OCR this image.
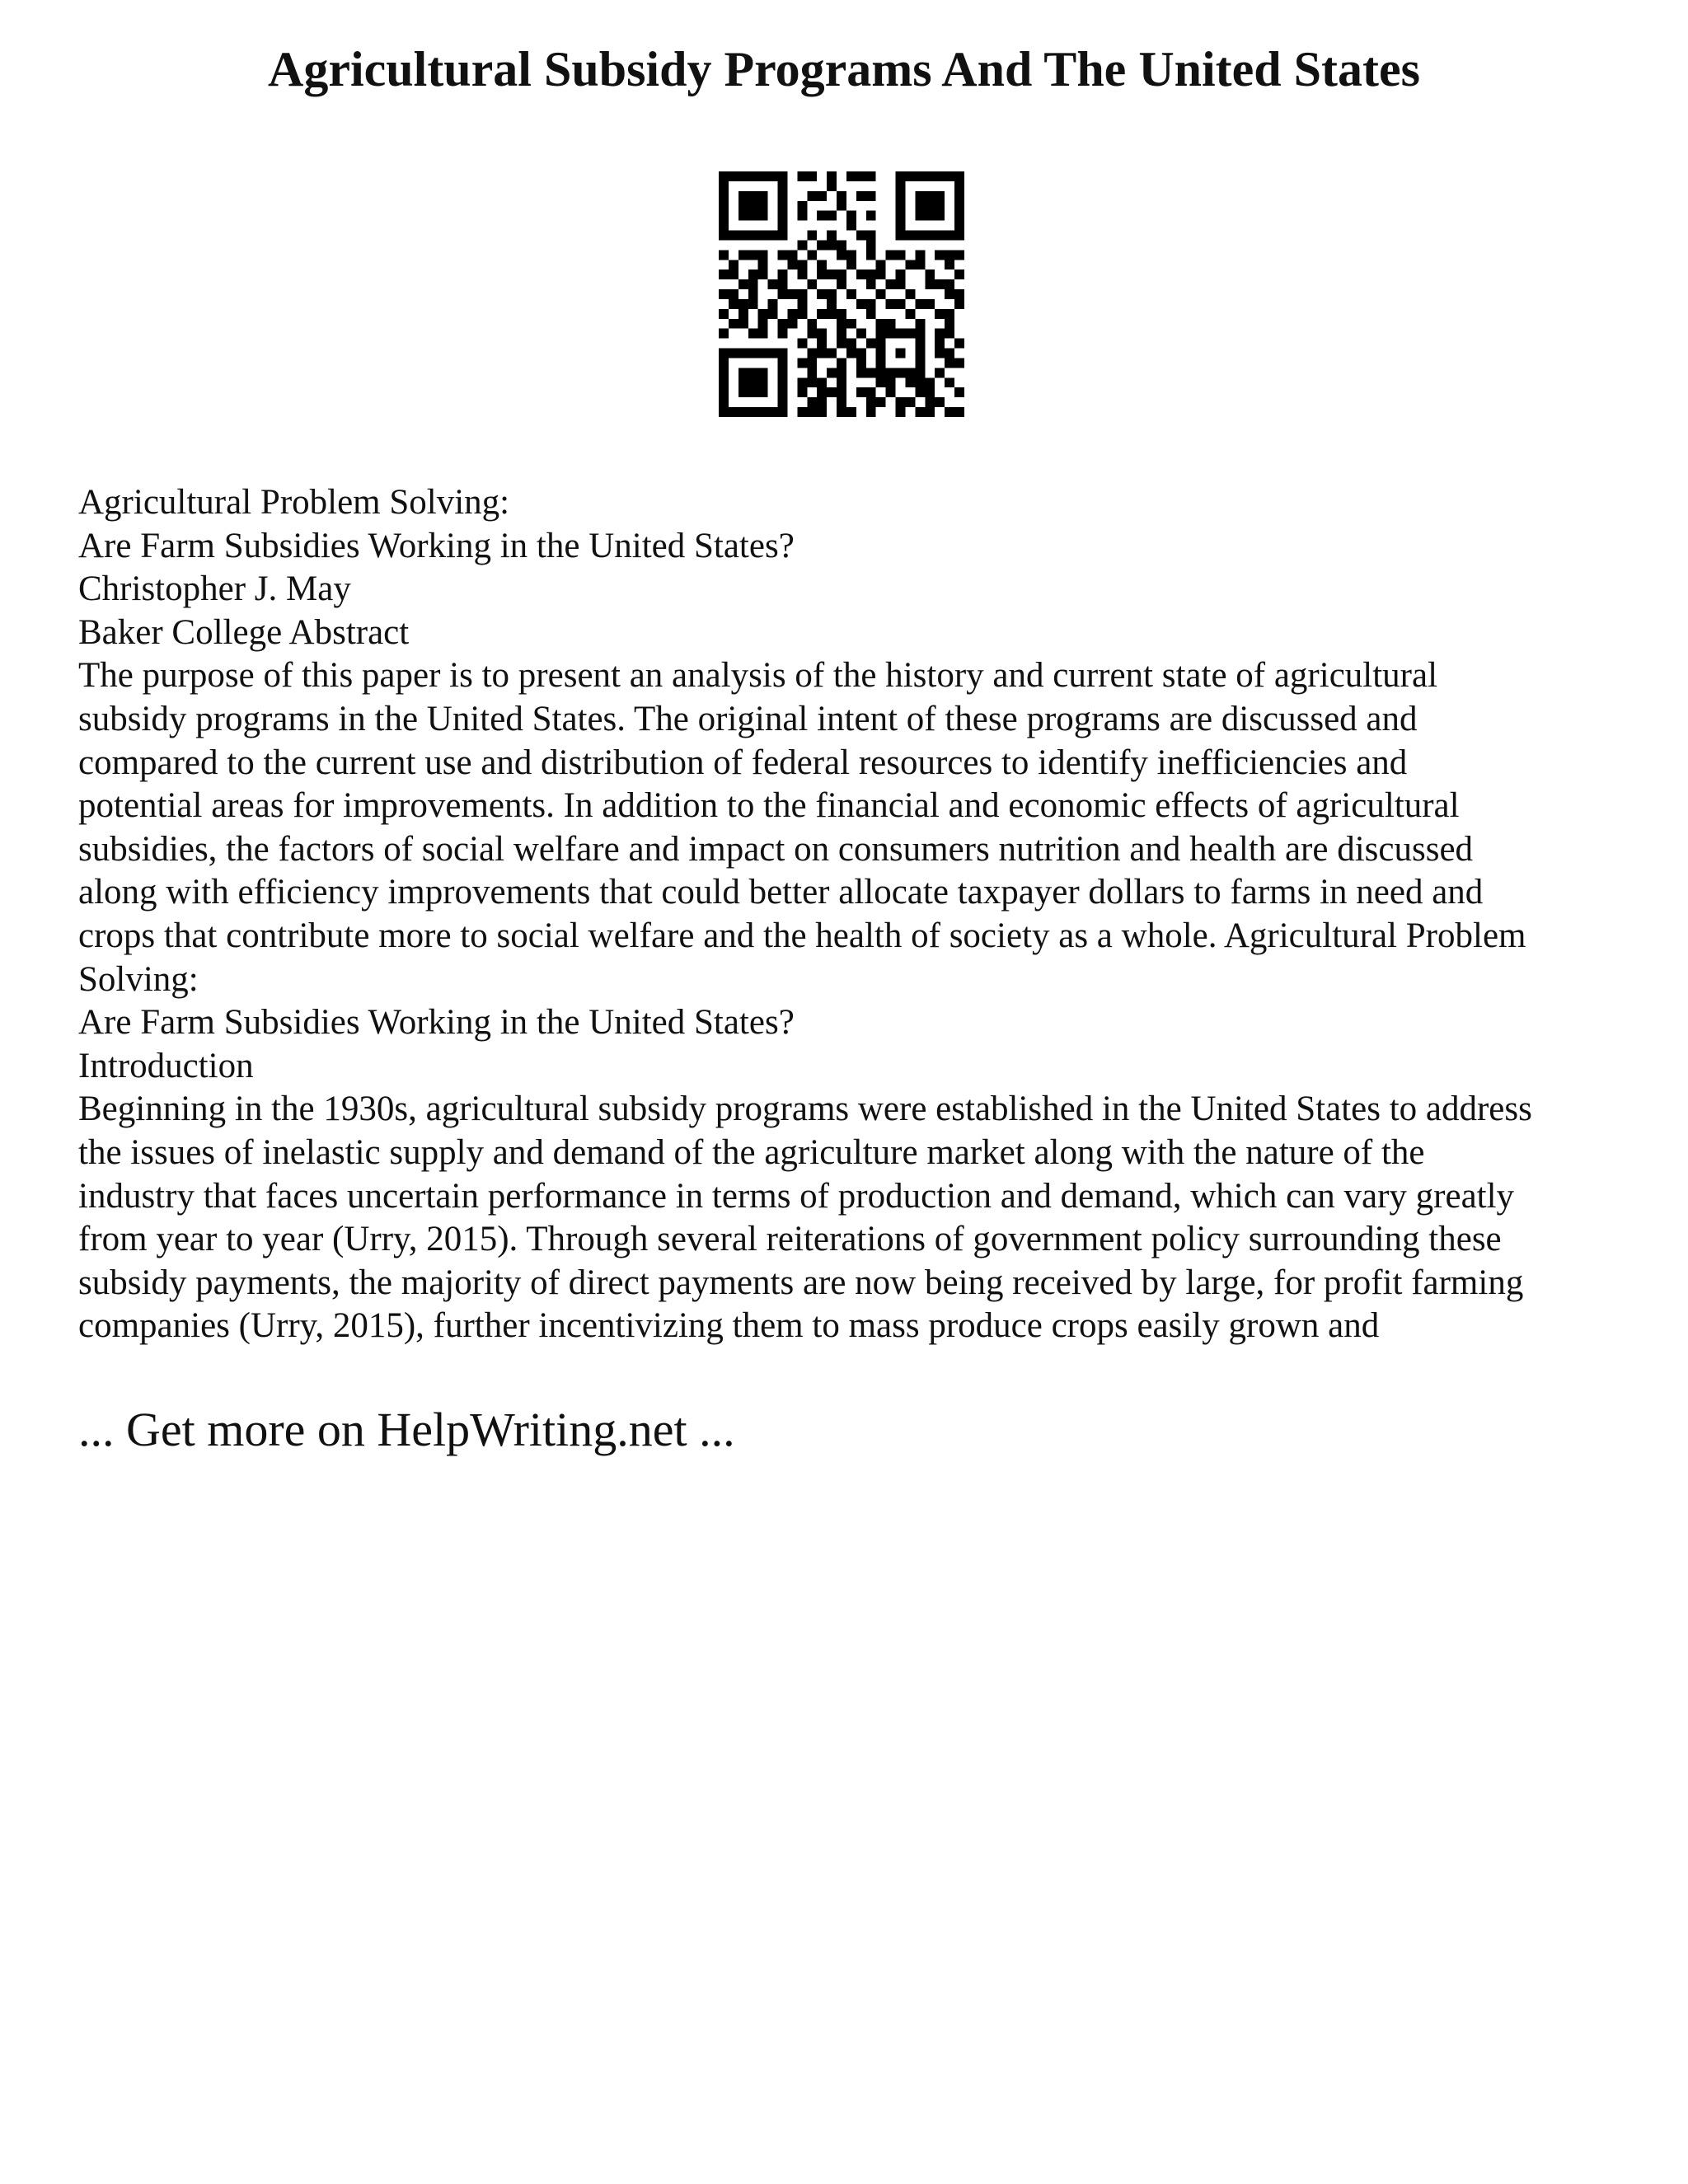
Agricultural Subsidy Programs And The United States
Agricultural Problem Solving:
Are Farm Subsidies Working in the United States?
Christopher J. May
Baker College Abstract

The purpose of this paper is to present an analysis of the history and current state of agricultural
subsidy programs in the United States. The original intent of these programs are discussed and
compared to the current use and distribution of federal resources to identify inefficiencies and
potential areas for improvements. In addition to the financial and economic effects of agricultural
subsidies, the factors of social welfare and impact on consumers nutrition and health are discussed
along with efficiency improvements that could better allocate taxpayer dollars to farms in need and
crops that contribute more to social welfare and the health of society as a whole. Agricultural Problem
Solving:

Are Farm Subsidies Working in the United States?
Introduction

Beginning in the 1930s, agricultural subsidy programs were established in the United States to address
the issues of inelastic supply and demand of the agriculture market along with the nature of the
industry that faces uncertain performance in terms of production and demand, which can vary greatly
from year to year (Urry, 2015). Through several reiterations of government policy surrounding these
subsidy payments, the majority of direct payments are now being received by large, for profit farming
companies (Urry, 2015), further incentivizing them to mass produce crops easily grown and

... Get more on HelpWriting.net ...
